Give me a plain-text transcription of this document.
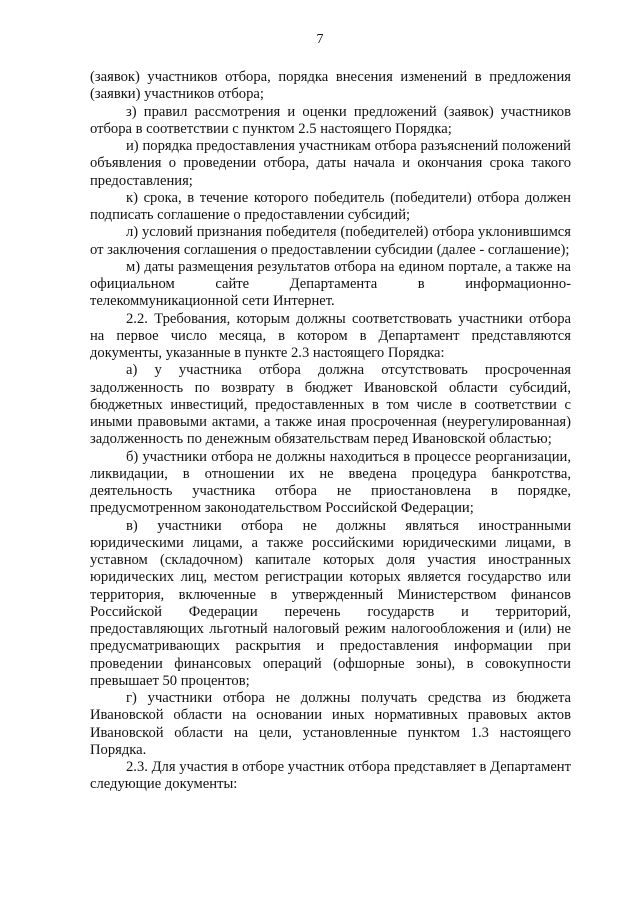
7

(заявок) участников отбора, порядка внесения изменений в предложения (заявки) участников отбора;

з) правил рассмотрения и оценки предложений (заявок) участников отбора в соответствии с пунктом 2.5 настоящего Порядка;

и) порядка предоставления участникам отбора разъяснений положений объявления о проведении отбора, даты начала и окончания срока такого предоставления;

к) срока, в течение которого победитель (победители) отбора должен подписать соглашение о предоставлении субсидий;

л) условий признания победителя (победителей) отбора уклонившимся от заключения соглашения о предоставлении субсидии (далее - соглашение);

м) даты размещения результатов отбора на едином портале, а также на официальном сайте Департамента в информационно-телекоммуникационной сети Интернет.

2.2. Требования, которым должны соответствовать участники отбора на первое число месяца, в котором в Департамент представляются документы, указанные в пункте 2.3 настоящего Порядка:

а) у участника отбора должна отсутствовать просроченная задолженность по возврату в бюджет Ивановской области субсидий, бюджетных инвестиций, предоставленных в том числе в соответствии с иными правовыми актами, а также иная просроченная (неурегулированная) задолженность по денежным обязательствам перед Ивановской областью;

б) участники отбора не должны находиться в процессе реорганизации, ликвидации, в отношении их не введена процедура банкротства, деятельность участника отбора не приостановлена в порядке, предусмотренном законодательством Российской Федерации;

в) участники отбора не должны являться иностранными юридическими лицами, а также российскими юридическими лицами, в уставном (складочном) капитале которых доля участия иностранных юридических лиц, местом регистрации которых является государство или территория, включенные в утвержденный Министерством финансов Российской Федерации перечень государств и территорий, предоставляющих льготный налоговый режим налогообложения и (или) не предусматривающих раскрытия и предоставления информации при проведении финансовых операций (офшорные зоны), в совокупности превышает 50 процентов;

г) участники отбора не должны получать средства из бюджета Ивановской области на основании иных нормативных правовых актов Ивановской области на цели, установленные пунктом 1.3 настоящего Порядка.

2.3. Для участия в отборе участник отбора представляет в Департамент следующие документы:
